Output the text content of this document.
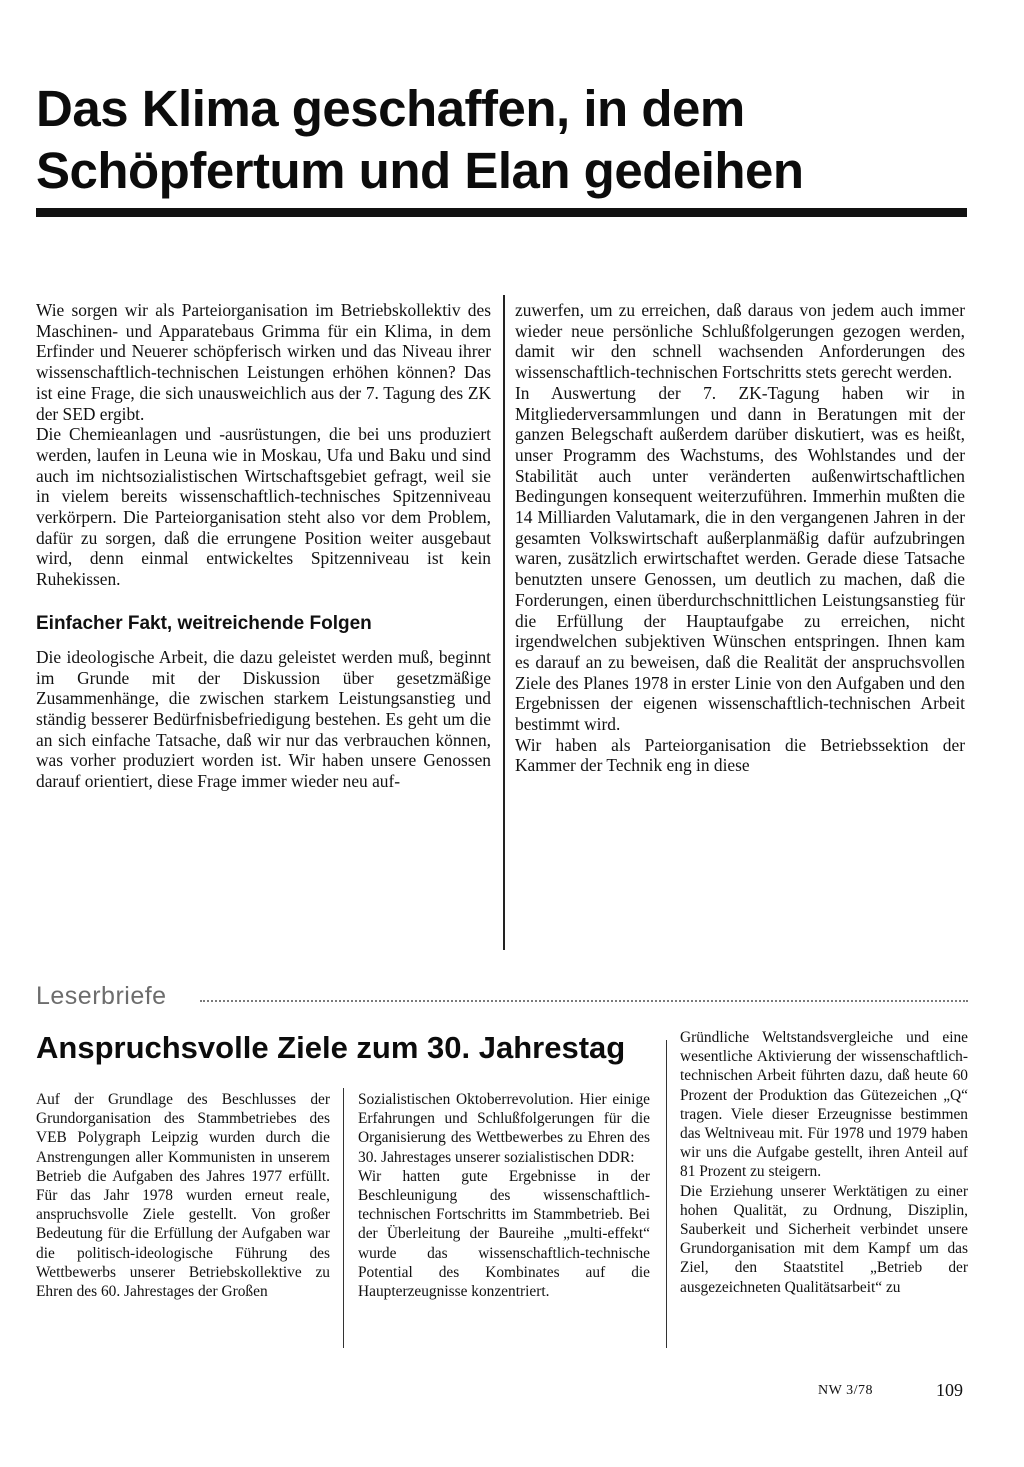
Das Klima geschaffen, in dem
Schöpfertum und Elan gedeihen

Wie sorgen wir als Parteiorganisation im Betriebskollektiv des Maschinen- und Apparatebaus Grimma für ein Klima, in dem Erfinder und Neuerer schöpferisch wirken und das Niveau ihrer wissenschaftlich-technischen Leistungen erhöhen können? Das ist eine Frage, die sich unausweichlich aus der 7. Tagung des ZK der SED ergibt.

Die Chemieanlagen und -ausrüstungen, die bei uns produziert werden, laufen in Leuna wie in Moskau, Ufa und Baku und sind auch im nichtsozialistischen Wirtschaftsgebiet gefragt, weil sie in vielem bereits wissenschaftlich-technisches Spitzenniveau verkörpern. Die Parteiorganisation steht also vor dem Problem, dafür zu sorgen, daß die errungene Position weiter ausgebaut wird, denn einmal entwickeltes Spitzenniveau ist kein Ruhekissen.

Einfacher Fakt, weitreichende Folgen

Die ideologische Arbeit, die dazu geleistet werden muß, beginnt im Grunde mit der Diskussion über gesetzmäßige Zusammenhänge, die zwischen starkem Leistungsanstieg und ständig besserer Bedürfnisbefriedigung bestehen. Es geht um die an sich einfache Tatsache, daß wir nur das verbrauchen können, was vorher produziert worden ist. Wir haben unsere Genossen darauf orientiert, diese Frage immer wieder neu auf-

zuwerfen, um zu erreichen, daß daraus von jedem auch immer wieder neue persönliche Schlußfolgerungen gezogen werden, damit wir den schnell wachsenden Anforderungen des wissenschaftlich-technischen Fortschritts stets gerecht werden.

In Auswertung der 7. ZK-Tagung haben wir in Mitgliederversammlungen und dann in Beratungen mit der ganzen Belegschaft außerdem darüber diskutiert, was es heißt, unser Programm des Wachstums, des Wohlstandes und der Stabilität auch unter veränderten außenwirtschaftlichen Bedingungen konsequent weiterzuführen. Immerhin mußten die 14 Milliarden Valutamark, die in den vergangenen Jahren in der gesamten Volkswirtschaft außerplanmäßig dafür aufzubringen waren, zusätzlich erwirtschaftet werden. Gerade diese Tatsache benutzten unsere Genossen, um deutlich zu machen, daß die Forderungen, einen überdurchschnittlichen Leistungsanstieg für die Erfüllung der Hauptaufgabe zu erreichen, nicht irgendwelchen subjektiven Wünschen entspringen. Ihnen kam es darauf an zu beweisen, daß die Realität der anspruchsvollen Ziele des Planes 1978 in erster Linie von den Aufgaben und den Ergebnissen der eigenen wissenschaftlich-technischen Arbeit bestimmt wird.

Wir haben als Parteiorganisation die Betriebssektion der Kammer der Technik eng in diese

Leserbriefe
Anspruchsvolle Ziele zum 30. Jahrestag

Auf der Grundlage des Beschlusses der Grundorganisation des Stammbetriebes des VEB Polygraph Leipzig wurden durch die Anstrengungen aller Kommunisten in unserem Betrieb die Aufgaben des Jahres 1977 erfüllt. Für das Jahr 1978 wurden erneut reale, anspruchsvolle Ziele gestellt. Von großer Bedeutung für die Erfüllung der Aufgaben war die politisch-ideologische Führung des Wettbewerbs unserer Betriebskollektive zu Ehren des 60. Jahrestages der Großen

Sozialistischen Oktoberrevolution. Hier einige Erfahrungen und Schlußfolgerungen für die Organisierung des Wettbewerbes zu Ehren des 30. Jahrestages unserer sozialistischen DDR:

Wir hatten gute Ergebnisse in der Beschleunigung des wissenschaftlich-technischen Fortschritts im Stammbetrieb. Bei der Überleitung der Baureihe „multi-effekt“ wurde das wissenschaftlich-technische Potential des Kombinates auf die Haupterzeugnisse konzentriert.

Gründliche Weltstandsvergleiche und eine wesentliche Aktivierung der wissenschaftlich-technischen Arbeit führten dazu, daß heute 60 Prozent der Produktion das Gütezeichen „Q“ tragen. Viele dieser Erzeugnisse bestimmen das Weltniveau mit. Für 1978 und 1979 haben wir uns die Aufgabe gestellt, ihren Anteil auf 81 Prozent zu steigern.

Die Erziehung unserer Werktätigen zu einer hohen Qualität, zu Ordnung, Disziplin, Sauberkeit und Sicherheit verbindet unsere Grundorganisation mit dem Kampf um das Ziel, den Staatstitel „Betrieb der ausgezeichneten Qualitätsarbeit“ zu

NW 3/78	109
